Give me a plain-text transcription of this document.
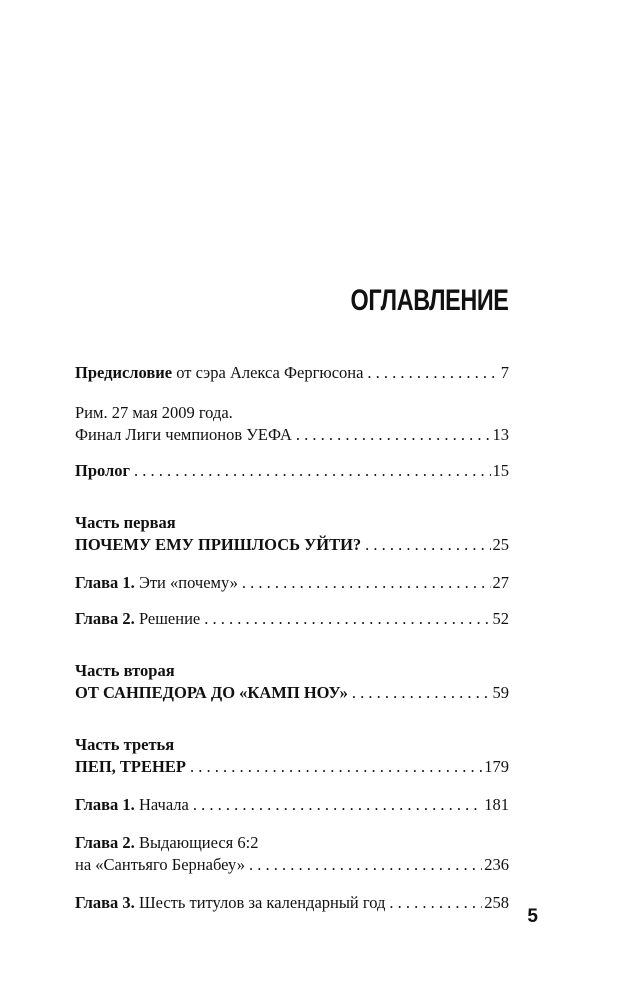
ОГЛАВЛЕНИЕ
Предисловие от сэра Алекса Фергюсона . . .	7
Рим. 27 мая 2009 года.
Финал Лиги чемпионов УЕФА . . .	13
Пролог . . .	15
Часть первая
ПОЧЕМУ ЕМУ ПРИШЛОСЬ УЙТИ? . . .	25
Глава 1. Эти «почему» . . .	27
Глава 2. Решение . . .	52
Часть вторая
ОТ САНПЕДОРА ДО «КАМП НОУ» . . .	59
Часть третья
ПЕП, ТРЕНЕР . . .	179
Глава 1. Начала . . .	181
Глава 2. Выдающиеся 6:2
на «Сантьяго Бернабеу» . . .	236
Глава 3. Шесть титулов за календарный год . . .	258
5
